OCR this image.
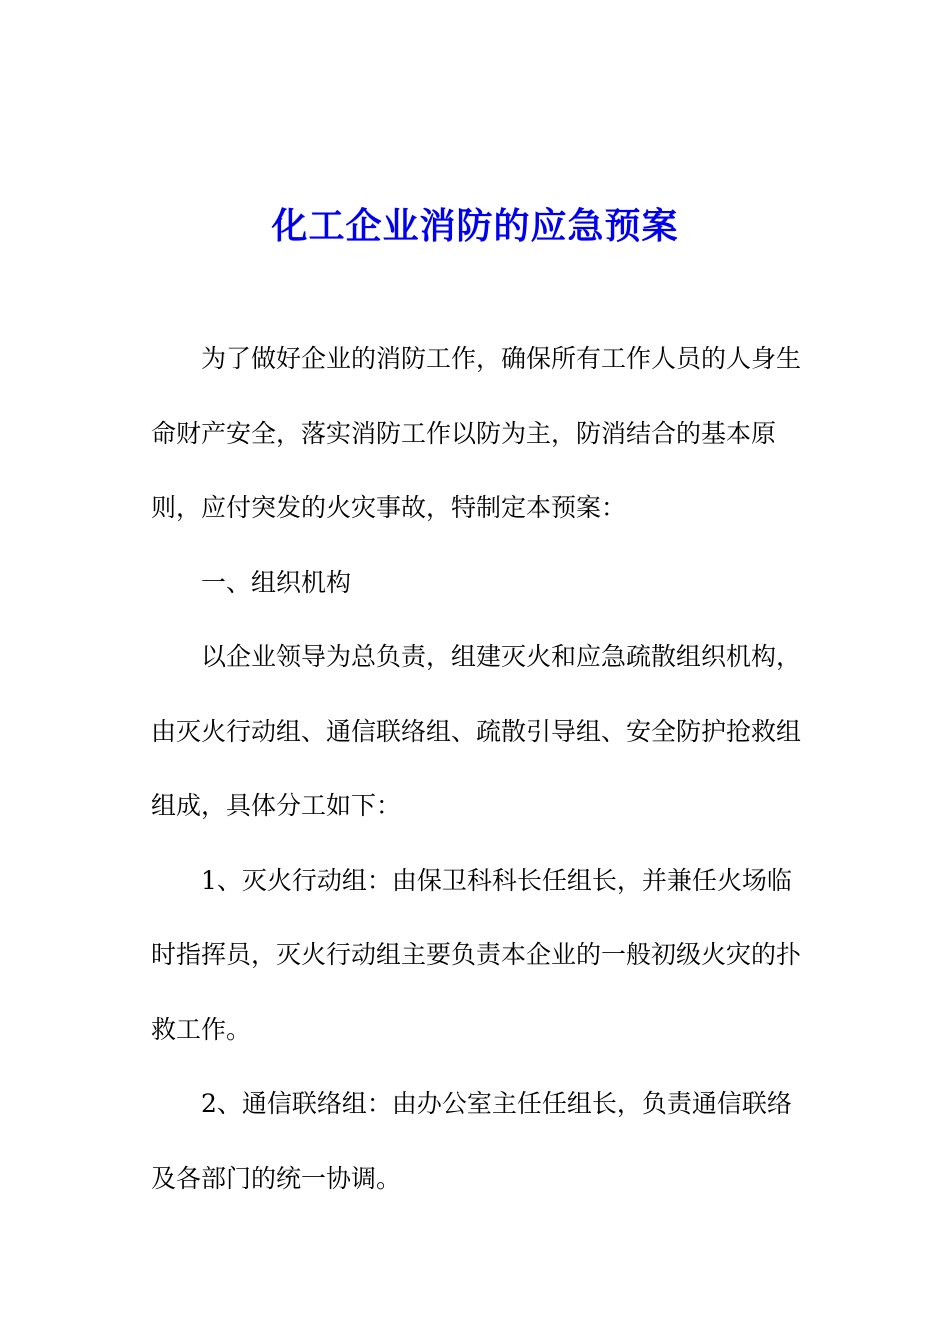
化工企业消防的应急预案

为了做好企业的消防工作，确保所有工作人员的人身生命财产安全，落实消防工作以防为主，防消结合的基本原则，应付突发的火灾事故，特制定本预案：

一、组织机构

以企业领导为总负责，组建灭火和应急疏散组织机构，由灭火行动组、通信联络组、疏散引导组、安全防护抢救组组成，具体分工如下：

1、灭火行动组：由保卫科科长任组长，并兼任火场临时指挥员，灭火行动组主要负责本企业的一般初级火灾的扑救工作。

2、通信联络组：由办公室主任任组长，负责通信联络及各部门的统一协调。
